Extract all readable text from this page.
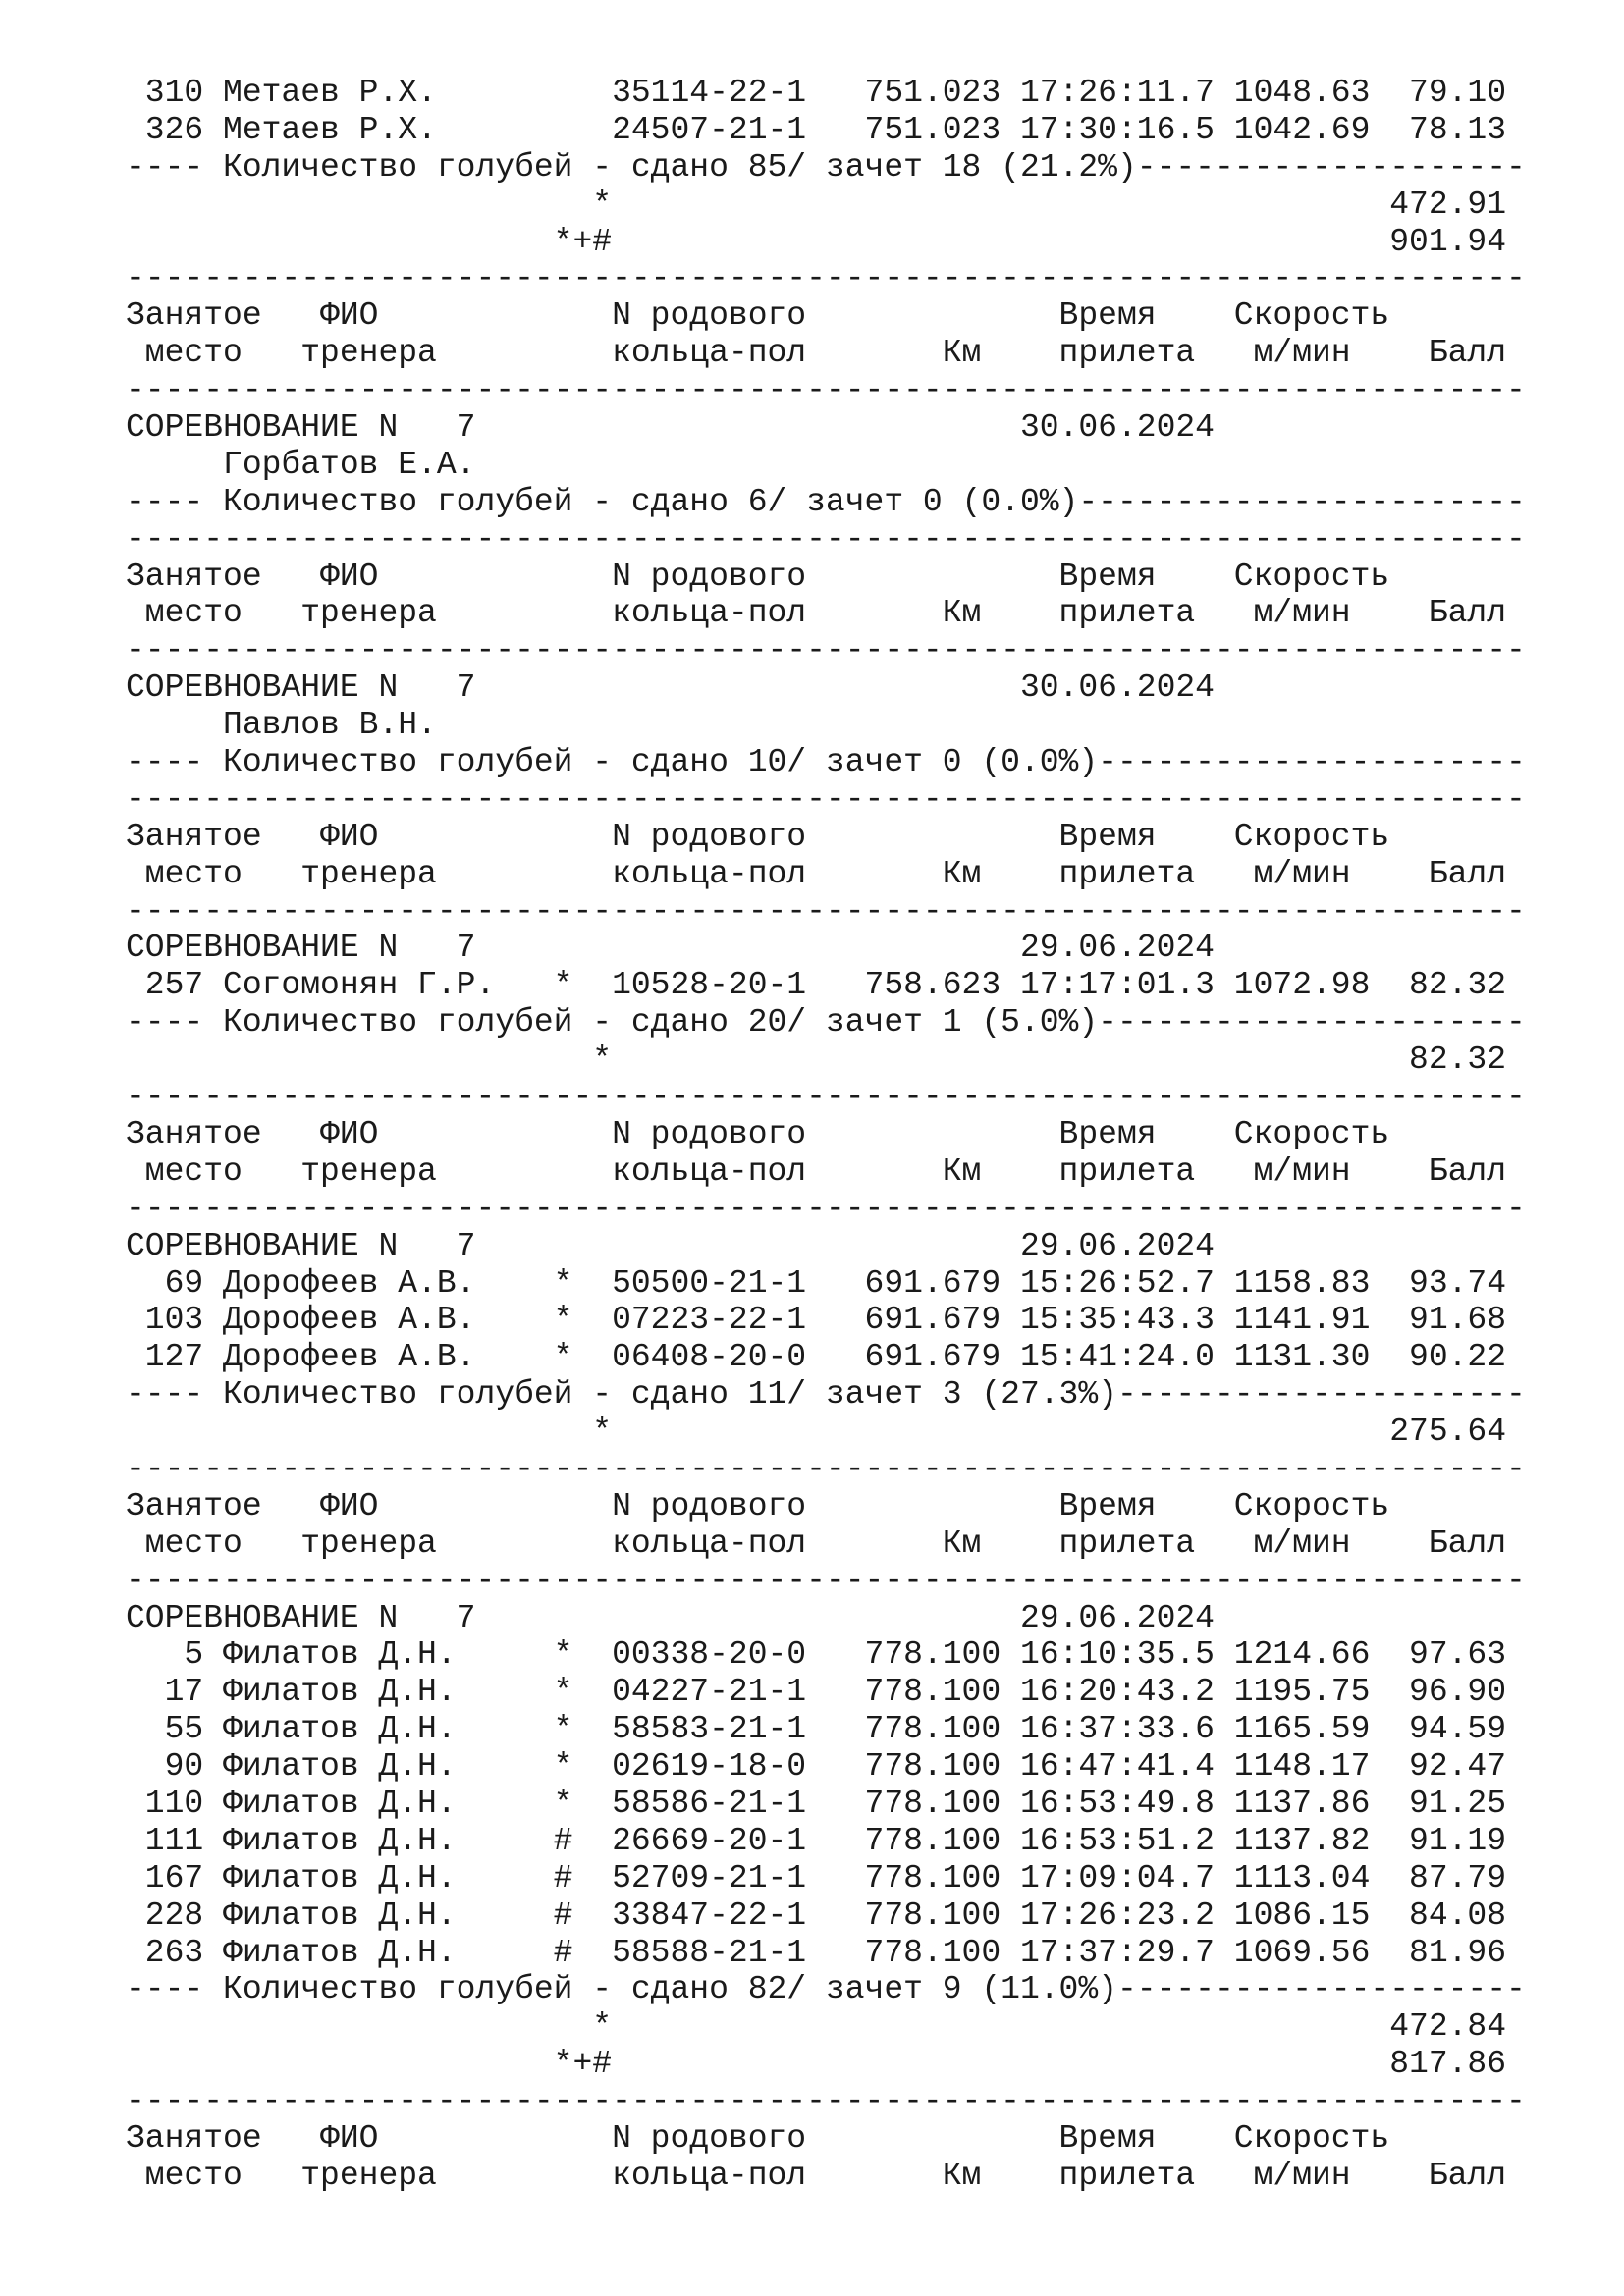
310 Метаев Р.Х.         35114-22-1   751.023 17:26:11.7 1048.63  79.10
326 Метаев Р.Х.         24507-21-1   751.023 17:30:16.5 1042.69  78.13
---- Количество голубей - сдано 85/ зачет 18 (21.2%)--------------------
*                                        472.91
*+#                                        901.94
------------------------------------------------------------------------
Занятое   ФИО            N родового             Время    Скорость
место   тренера         кольца-пол       Км    прилета   м/мин    Балл
------------------------------------------------------------------------
СОРЕВНОВАНИЕ N   7                            30.06.2024
Горбатов Е.А.
---- Количество голубей - сдано 6/ зачет 0 (0.0%)-----------------------
------------------------------------------------------------------------
Занятое   ФИО            N родового             Время    Скорость
место   тренера         кольца-пол       Км    прилета   м/мин    Балл
------------------------------------------------------------------------
СОРЕВНОВАНИЕ N   7                            30.06.2024
Павлов В.Н.
---- Количество голубей - сдано 10/ зачет 0 (0.0%)----------------------
------------------------------------------------------------------------
Занятое   ФИО            N родового             Время    Скорость
место   тренера         кольца-пол       Км    прилета   м/мин    Балл
------------------------------------------------------------------------
СОРЕВНОВАНИЕ N   7                            29.06.2024
257 Согомонян Г.Р.   *  10528-20-1   758.623 17:17:01.3 1072.98  82.32
---- Количество голубей - сдано 20/ зачет 1 (5.0%)----------------------
*                                         82.32
------------------------------------------------------------------------
Занятое   ФИО            N родового             Время    Скорость
место   тренера         кольца-пол       Км    прилета   м/мин    Балл
------------------------------------------------------------------------
СОРЕВНОВАНИЕ N   7                            29.06.2024
69 Дорофеев А.В.    *  50500-21-1   691.679 15:26:52.7 1158.83  93.74
103 Дорофеев А.В.    *  07223-22-1   691.679 15:35:43.3 1141.91  91.68
127 Дорофеев А.В.    *  06408-20-0   691.679 15:41:24.0 1131.30  90.22
---- Количество голубей - сдано 11/ зачет 3 (27.3%)---------------------
*                                        275.64
------------------------------------------------------------------------
Занятое   ФИО            N родового             Время    Скорость
место   тренера         кольца-пол       Км    прилета   м/мин    Балл
------------------------------------------------------------------------
СОРЕВНОВАНИЕ N   7                            29.06.2024
5 Филатов Д.Н.     *  00338-20-0   778.100 16:10:35.5 1214.66  97.63
17 Филатов Д.Н.     *  04227-21-1   778.100 16:20:43.2 1195.75  96.90
55 Филатов Д.Н.     *  58583-21-1   778.100 16:37:33.6 1165.59  94.59
90 Филатов Д.Н.     *  02619-18-0   778.100 16:47:41.4 1148.17  92.47
110 Филатов Д.Н.     *  58586-21-1   778.100 16:53:49.8 1137.86  91.25
111 Филатов Д.Н.     #  26669-20-1   778.100 16:53:51.2 1137.82  91.19
167 Филатов Д.Н.     #  52709-21-1   778.100 17:09:04.7 1113.04  87.79
228 Филатов Д.Н.     #  33847-22-1   778.100 17:26:23.2 1086.15  84.08
263 Филатов Д.Н.     #  58588-21-1   778.100 17:37:29.7 1069.56  81.96
---- Количество голубей - сдано 82/ зачет 9 (11.0%)---------------------
*                                        472.84
*+#                                        817.86
------------------------------------------------------------------------
Занятое   ФИО            N родового             Время    Скорость
место   тренера         кольца-пол       Км    прилета   м/мин    Балл
